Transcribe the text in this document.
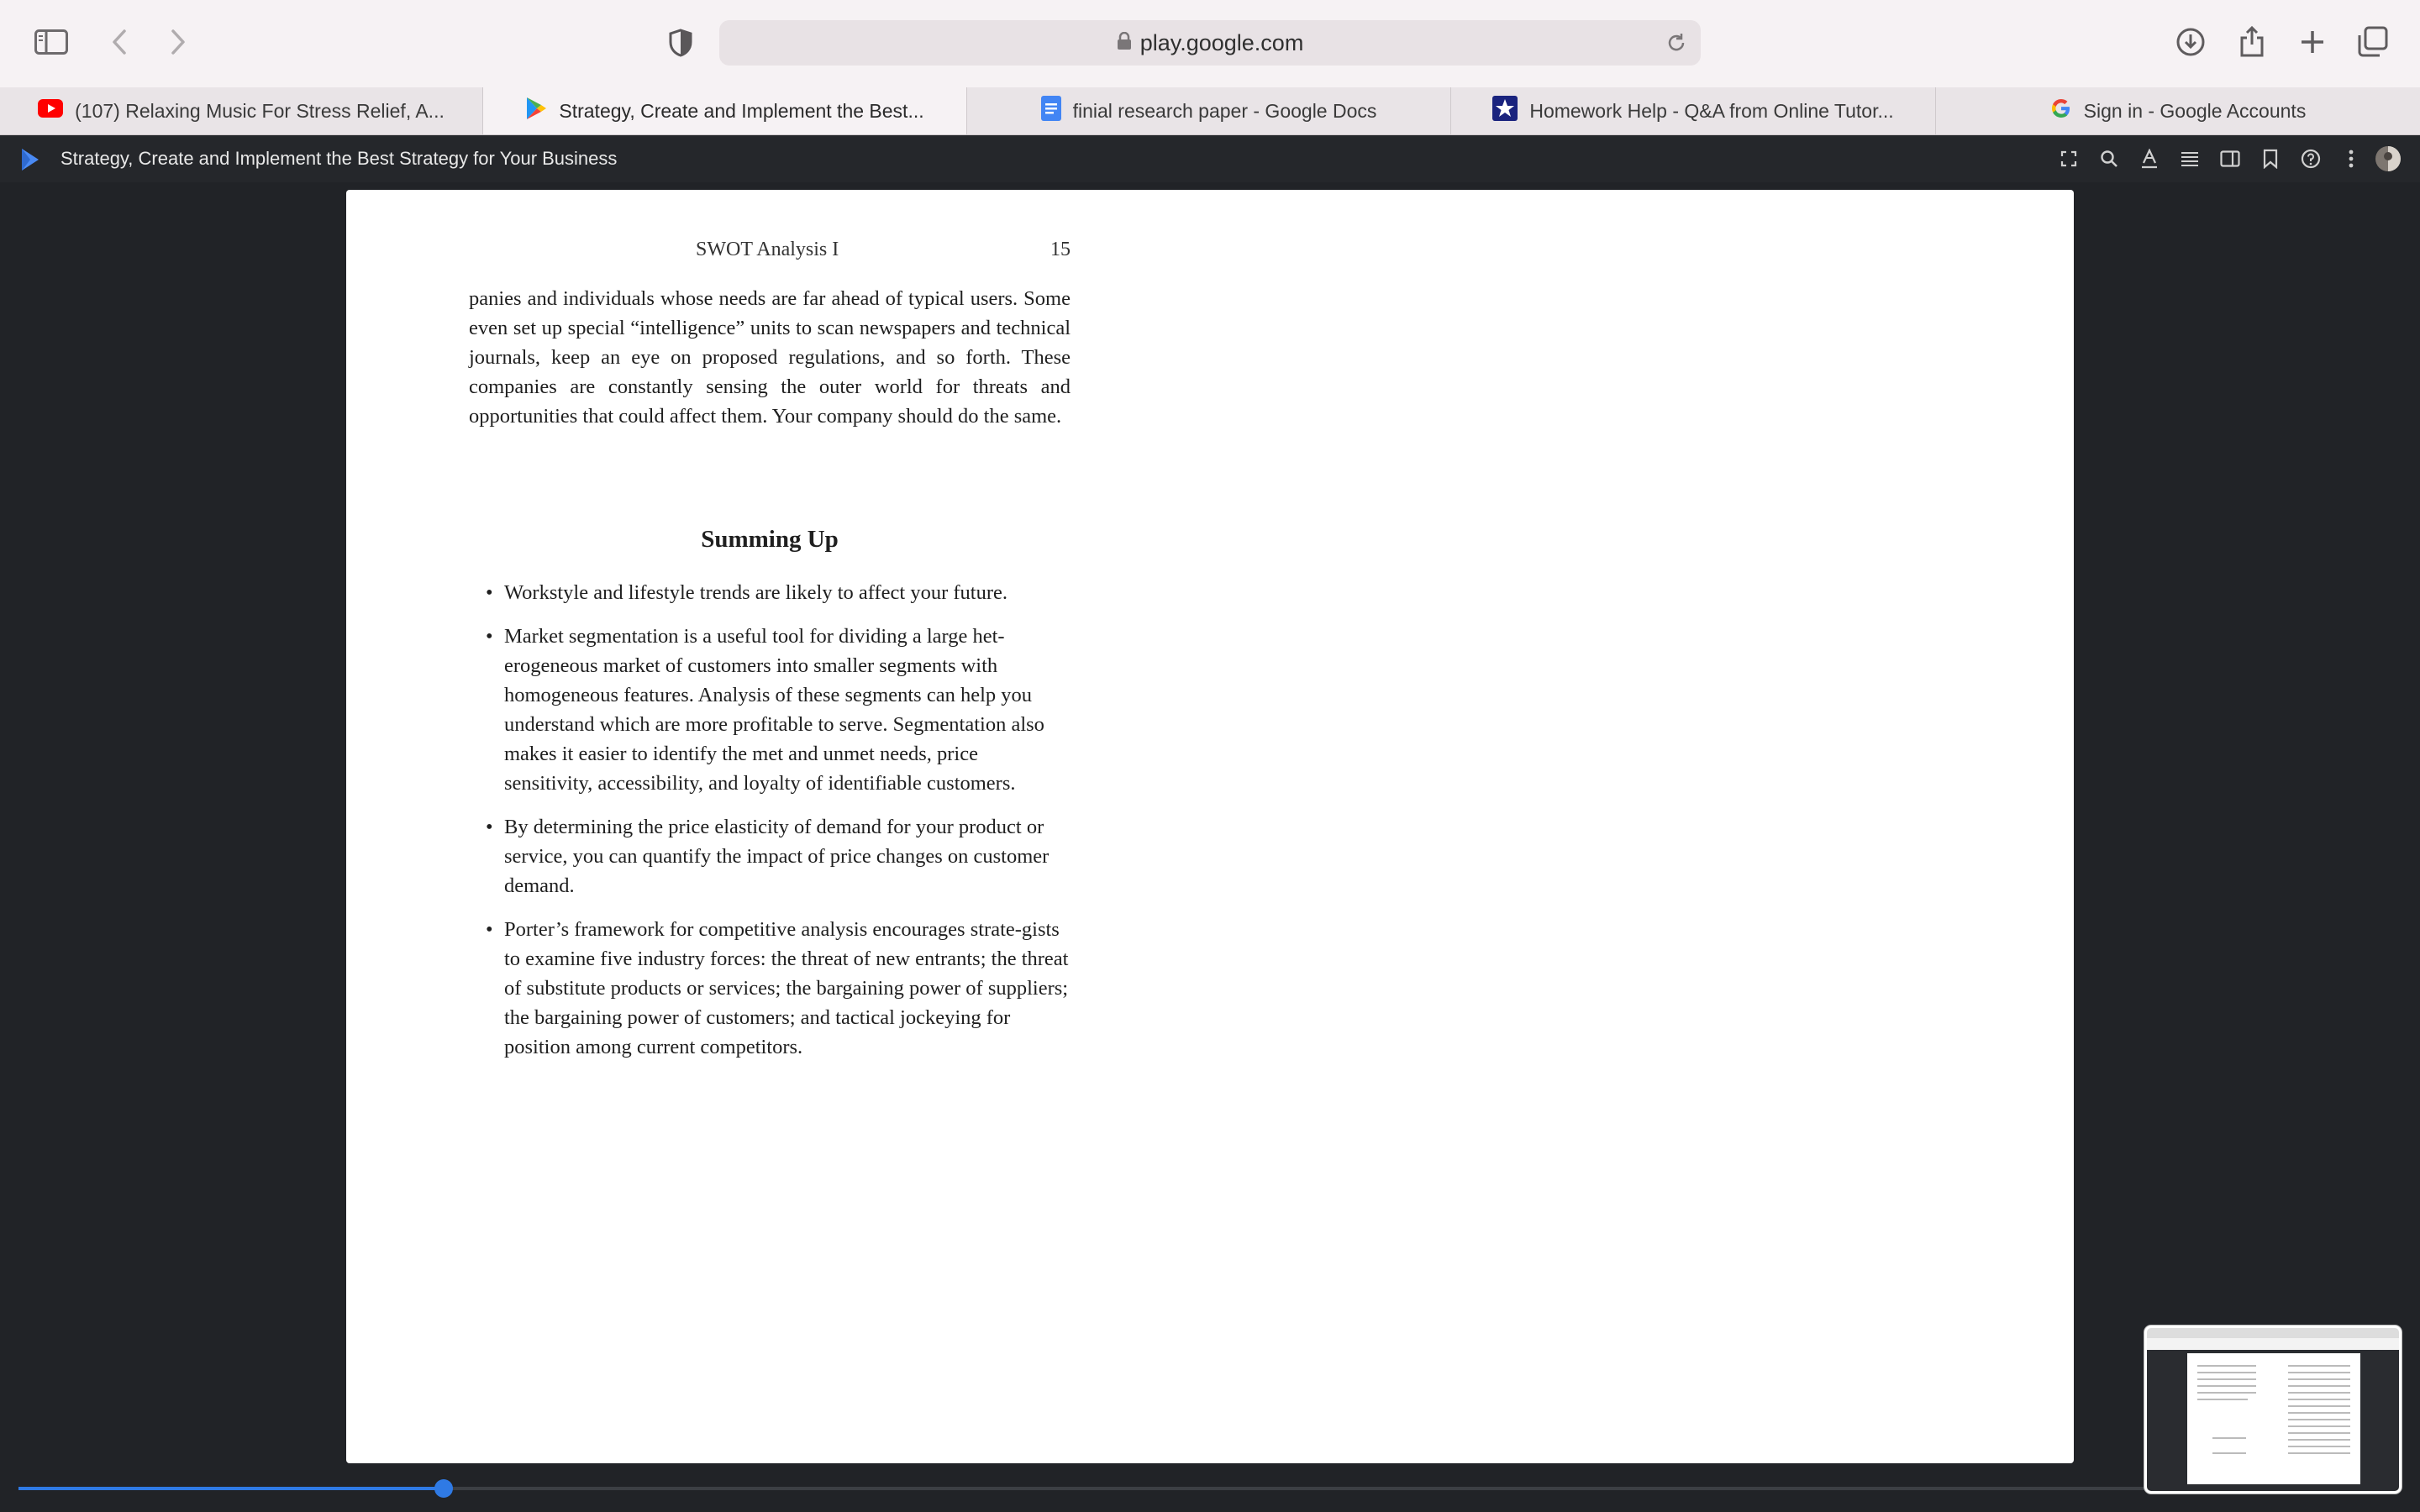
play.google.com
(107) Relaxing Music For Stress Relief, A...	Strategy, Create and Implement the Best...	finial research paper - Google Docs	Homework Help - Q&A from Online Tutor...	Sign in - Google Accounts
Strategy, Create and Implement the Best Strategy for Your Business
SWOT Analysis I	15

panies and individuals whose needs are far ahead of typical users. Some even set up special “intelligence” units to scan newspapers and technical journals, keep an eye on proposed regulations, and so forth. These companies are constantly sensing the outer world for threats and opportunities that could affect them. Your company should do the same.

Summing Up
• Workstyle and lifestyle trends are likely to affect your future.
• Market segmentation is a useful tool for dividing a large het-erogeneous market of customers into smaller segments with homogeneous features. Analysis of these segments can help you understand which are more profitable to serve. Segmentation also makes it easier to identify the met and unmet needs, price sensitivity, accessibility, and loyalty of identifiable customers.
• By determining the price elasticity of demand for your product or service, you can quantify the impact of price changes on customer demand.
• Porter’s framework for competitive analysis encourages strate-gists to examine five industry forces: the threat of new entrants; the threat of substitute products or services; the bargaining power of suppliers; the bargaining power of customers; and tactical jockeying for position among current competitors.
